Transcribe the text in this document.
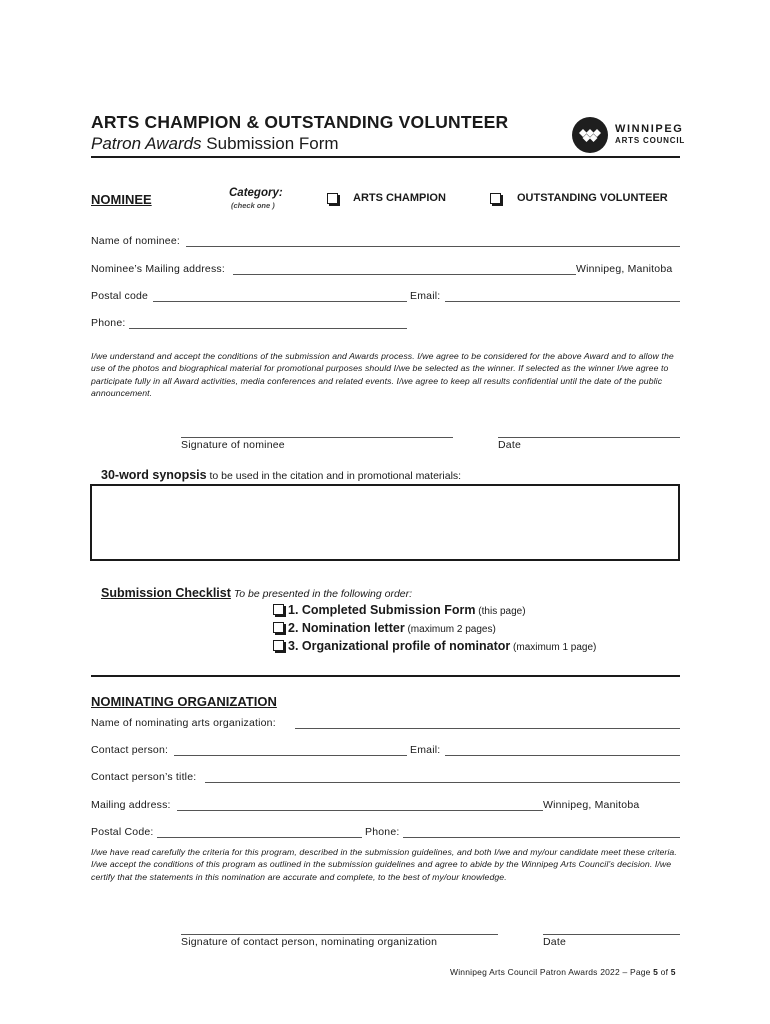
ARTS CHAMPION & OUTSTANDING VOLUNTEER
Patron Awards Submission Form
WINNIPEG
ARTS COUNCIL
NOMINEE	Category:
(check one )
ARTS CHAMPION	OUTSTANDING VOLUNTEER
Name of nominee:
Nominee’s Mailing address:	Winnipeg, Manitoba
Postal code	Email:
Phone:
I/we understand and accept the conditions of the submission and Awards process. I/we agree to be considered for the above Award and to allow the use of the photos and biographical material for promotional purposes should I/we be selected as the winner. If selected as the winner I/we agree to participate fully in all Award activities, media conferences and related events. I/we agree to keep all results confidential until the date of the public announcement.
Signature of nominee	Date
30-word synopsis to be used in the citation and in promotional materials:
Submission Checklist To be presented in the following order:
1. Completed Submission Form (this page)
2. Nomination letter (maximum 2 pages)
3. Organizational profile of nominator (maximum 1 page)
NOMINATING ORGANIZATION
Name of nominating arts organization:
Contact person:	Email:
Contact person’s title:
Mailing address:	Winnipeg, Manitoba
Postal Code:	Phone:
I/we have read carefully the criteria for this program, described in the submission guidelines, and both I/we and my/our candidate meet these criteria. I/we accept the conditions of this program as outlined in the submission guidelines and agree to abide by the Winnipeg Arts Council’s decision. I/we certify that the statements in this nomination are accurate and complete, to the best of my/our knowledge.
Signature of contact person, nominating organization	Date
Winnipeg Arts Council Patron Awards 2022 – Page 5 of 5
